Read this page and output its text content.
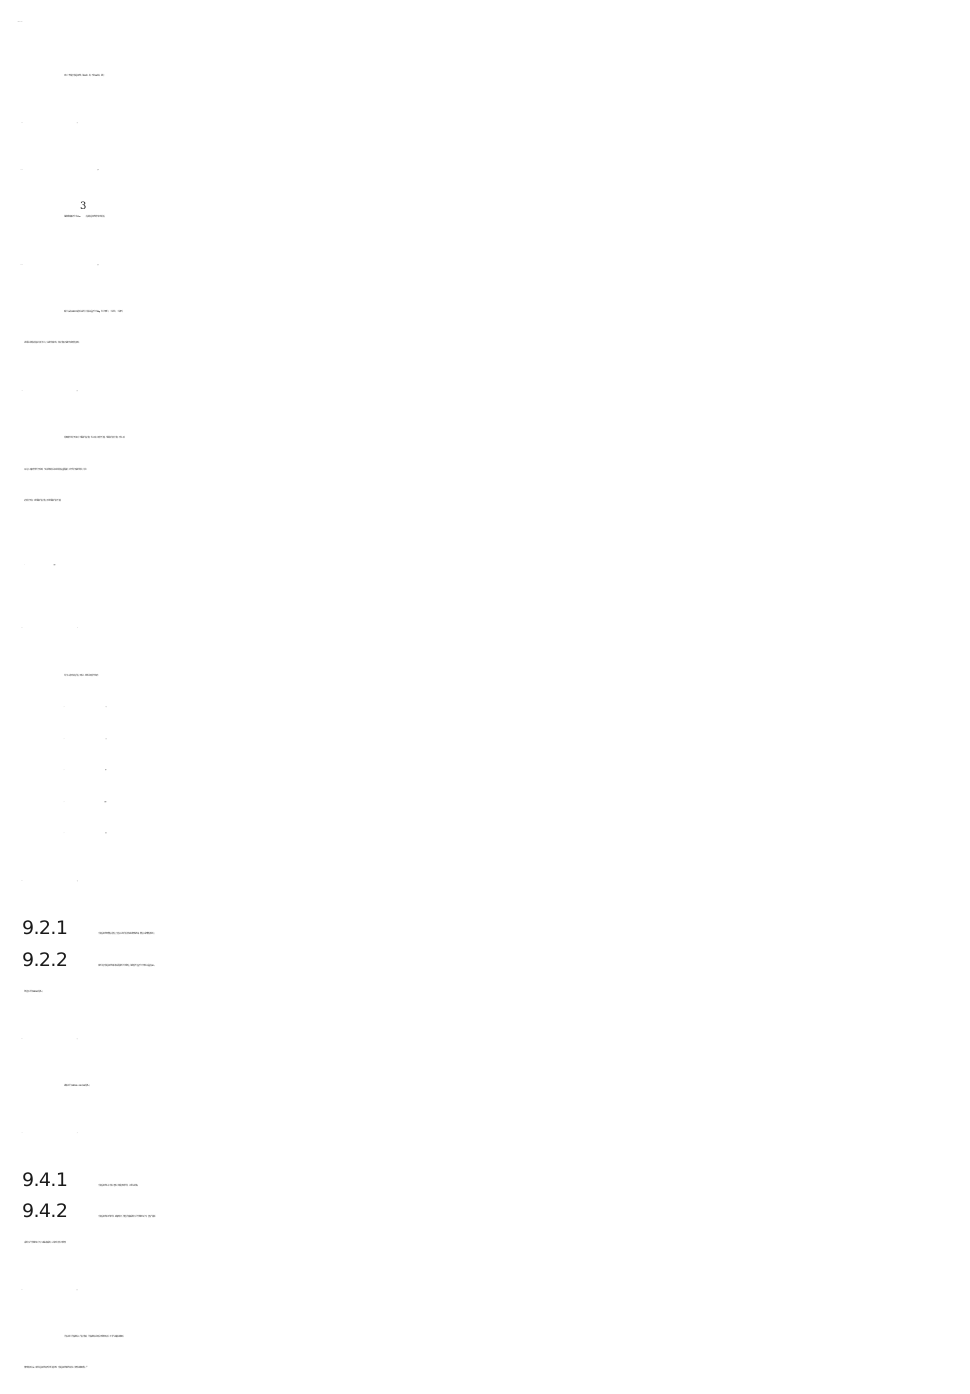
对同一类别的干混透水砂浆，每 100 t 为一批，不足 100 t 也按一批计。
每批随机抽取不少于 0.05 $m^3$的湿拌透水砂浆作为检验样品。
取样方法按 GB/T 12573 的规定进行，样品总质量不少于 80 kg，均分为两份，一份试验，一份备用。
试验前应将所抽样品充分混合均匀，先进行外观检验，外观合格后再进行其余项目的检验。
所测项目均符合要求时，判该批产品合格；有二项以上项目不合格，判该批产品不合格；若有二项
以内(含二项)项目不符合要求时，允许采用备样或在同批样品中重新抽样，对不符合项进行复验；复验
结果符合要求，则判该批产品合格，否则判该批产品不合格。
符合本文件要求的产品，其标志、标签应包括下列内容：
9.2.1	干混透水砂浆可散装或袋装；袋装中应附产品合格证和使用说明书，散装应采用散装标识卡。
9.2.2	双组分的干混透水砂浆按粉体和液体组分分别包装，每包装净含量不少于其标志质量的 99%，
包装袋应符合 BB/T 0065 的规定。
运输应符合 GB/T 25181—2019 中 10.3 的规定。
9.4.1	干混透水砂浆应在干燥、通风、阴凉的场所贮存，应有防水措施。
9.4.2	干混透水砂浆在正常贮存、运输条件下，散装产品保质期自生产日期起为 3 个月，袋装产品保
质期自生产日期起为 6 个月。如超过保质期，应经检验合格方可使用。
产品应附上产品说明书、产品合格证。产品说明书应包括主要特性及成分、贮存与运输注意事项、
使用条件及方法、双组分透水砂浆中两个组分的比例、干混透水砂浆推荐水料比、使用注意事项等。产
